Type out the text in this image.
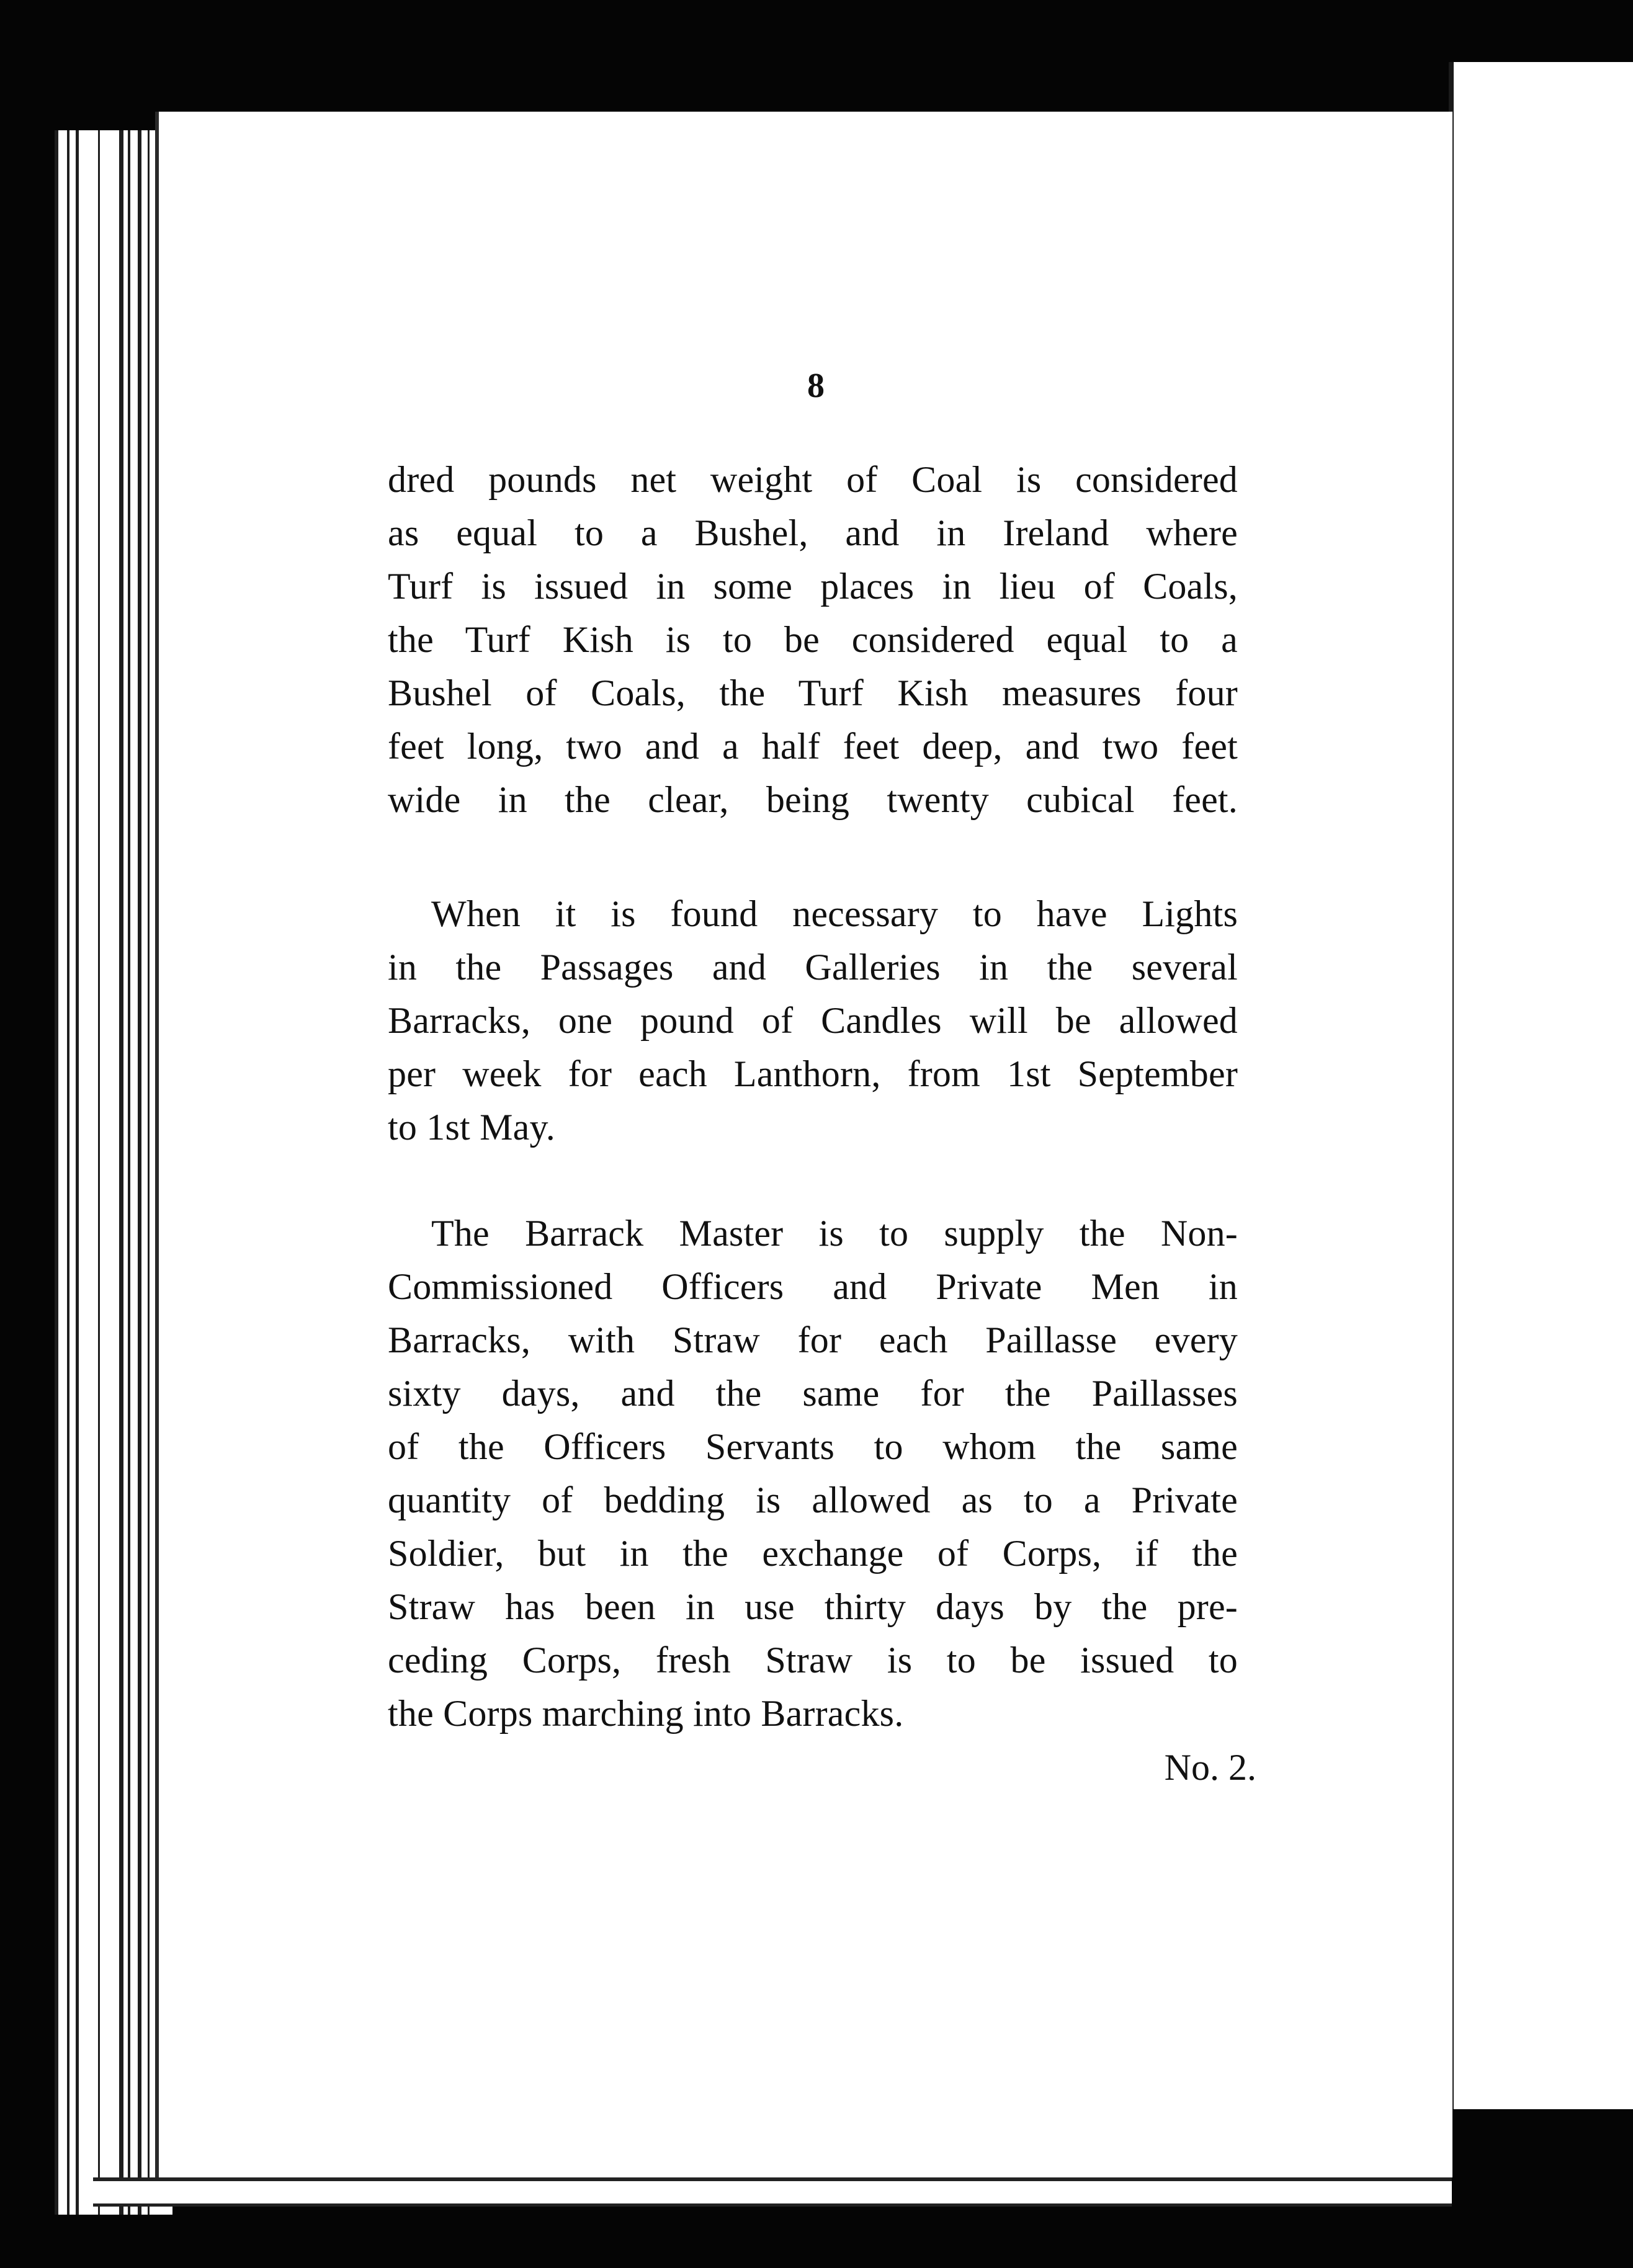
8
dred pounds net weight of Coal is considered
as equal to a Bushel, and in Ireland where
Turf is issued in some places in lieu of Coals,
the Turf Kish is to be considered equal to a
Bushel of Coals, the Turf Kish measures four
feet long, two and a half feet deep, and two feet
wide in the clear, being twenty cubical feet.
When it is found necessary to have Lights
in the Passages and Galleries in the several
Barracks, one pound of Candles will be allowed
per week for each Lanthorn, from 1st September
to 1st May.
The Barrack Master is to supply the Non-
Commissioned Officers and Private Men in
Barracks, with Straw for each Paillasse every
sixty days, and the same for the Paillasses
of the Officers Servants to whom the same
quantity of bedding is allowed as to a Private
Soldier, but in the exchange of Corps, if the
Straw has been in use thirty days by the pre-
ceding Corps, fresh Straw is to be issued to
the Corps marching into Barracks.
No. 2.
